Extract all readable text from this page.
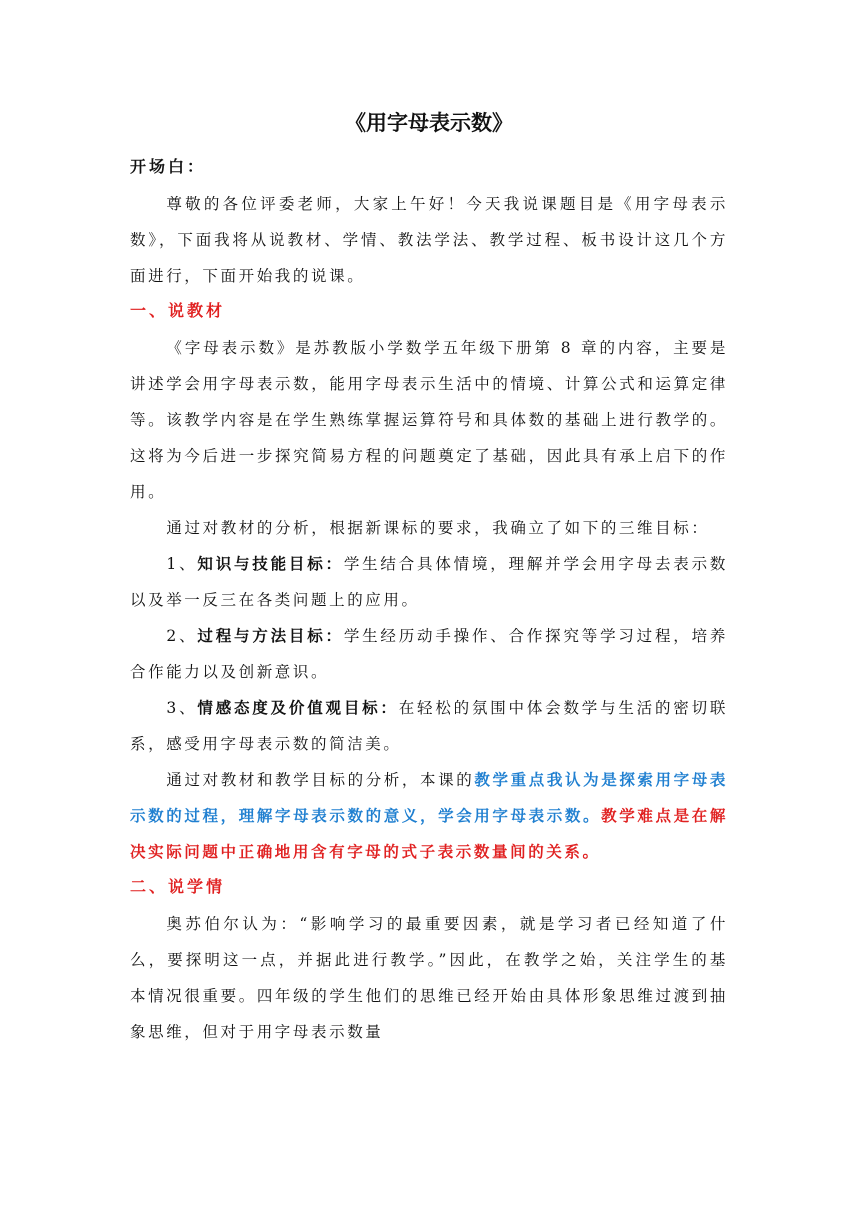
《用字母表示数》
开场白：

尊敬的各位评委老师，大家上午好！今天我说课题目是《用字母表示数》，下面我将从说教材、学情、教法学法、教学过程、板书设计这几个方面进行，下面开始我的说课。

一、说教材

《字母表示数》是苏教版小学数学五年级下册第 8 章的内容，主要是讲述学会用字母表示数，能用字母表示生活中的情境、计算公式和运算定律等。该教学内容是在学生熟练掌握运算符号和具体数的基础上进行教学的。这将为今后进一步探究简易方程的问题奠定了基础，因此具有承上启下的作用。

通过对教材的分析，根据新课标的要求，我确立了如下的三维目标：

1、知识与技能目标：学生结合具体情境，理解并学会用字母去表示数以及举一反三在各类问题上的应用。

2、过程与方法目标：学生经历动手操作、合作探究等学习过程，培养合作能力以及创新意识。

3、情感态度及价值观目标：在轻松的氛围中体会数学与生活的密切联系，感受用字母表示数的简洁美。

通过对教材和教学目标的分析，本课的教学重点我认为是探索用字母表示数的过程，理解字母表示数的意义，学会用字母表示数。教学难点是在解决实际问题中正确地用含有字母的式子表示数量间的关系。

二、说学情

奥苏伯尔认为：“影响学习的最重要因素，就是学习者已经知道了什么，要探明这一点，并据此进行教学。”因此，在教学之始，关注学生的基本情况很重要。四年级的学生他们的思维已经开始由具体形象思维过渡到抽象思维，但对于用字母表示数量
